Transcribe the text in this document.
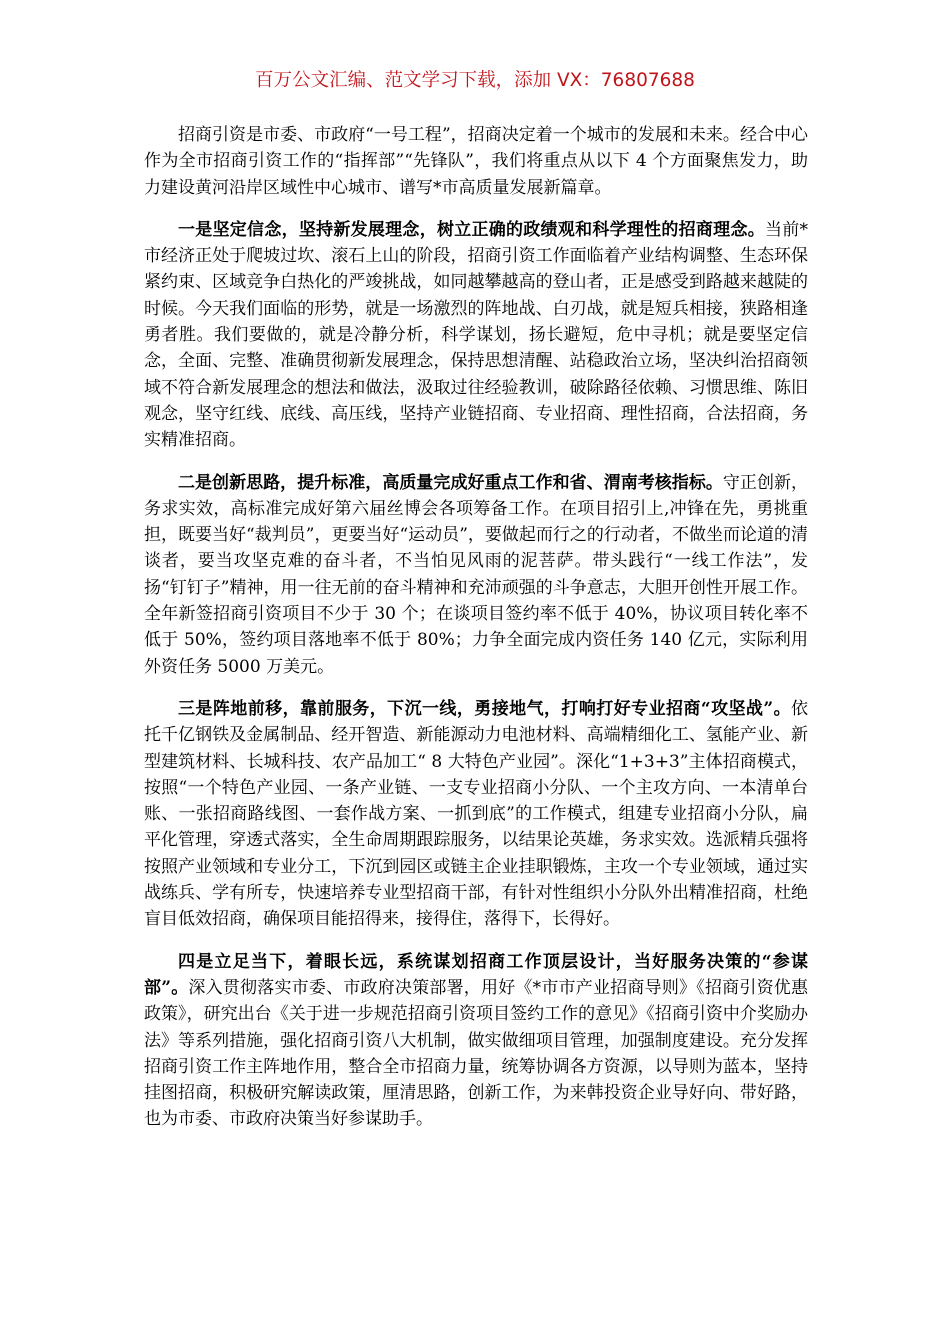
百万公文汇编、范文学习下载，添加 VX：76807688

招商引资是市委、市政府“一号工程”，招商决定着一个城市的发展和未来。经合中心作为全市招商引资工作的“指挥部”“先锋队”，我们将重点从以下 4 个方面聚焦发力，助力建设黄河沿岸区域性中心城市、谱写*市高质量发展新篇章。

一是坚定信念，坚持新发展理念，树立正确的政绩观和科学理性的招商理念。当前*市经济正处于爬坡过坎、滚石上山的阶段，招商引资工作面临着产业结构调整、生态环保紧约束、区域竞争白热化的严竣挑战，如同越攀越高的登山者，正是感受到路越来越陡的时候。今天我们面临的形势，就是一场激烈的阵地战、白刃战，就是短兵相接，狭路相逢勇者胜。我们要做的，就是冷静分析，科学谋划，扬长避短，危中寻机；就是要坚定信念，全面、完整、准确贯彻新发展理念，保持思想清醒、站稳政治立场，坚决纠治招商领域不符合新发展理念的想法和做法，汲取过往经验教训，破除路径依赖、习惯思维、陈旧观念，坚守红线、底线、高压线，坚持产业链招商、专业招商、理性招商，合法招商，务实精准招商。

二是创新思路，提升标准，高质量完成好重点工作和省、渭南考核指标。守正创新，务求实效，高标准完成好第六届丝博会各项筹备工作。在项目招引上,冲锋在先，勇挑重担，既要当好“裁判员”，更要当好“运动员”，要做起而行之的行动者，不做坐而论道的清谈者，要当攻坚克难的奋斗者，不当怕见风雨的泥菩萨。带头践行“一线工作法”，发扬“钉钉子”精神，用一往无前的奋斗精神和充沛顽强的斗争意志，大胆开创性开展工作。全年新签招商引资项目不少于 30 个；在谈项目签约率不低于 40%，协议项目转化率不低于 50%，签约项目落地率不低于 80%；力争全面完成内资任务 140 亿元，实际利用外资任务 5000 万美元。

三是阵地前移，靠前服务，下沉一线，勇接地气，打响打好专业招商“攻坚战”。依托千亿钢铁及金属制品、经开智造、新能源动力电池材料、高端精细化工、氢能产业、新型建筑材料、长城科技、农产品加工“ 8 大特色产业园”。深化“1+3+3”主体招商模式，按照“一个特色产业园、一条产业链、一支专业招商小分队、一个主攻方向、一本清单台账、一张招商路线图、一套作战方案、一抓到底”的工作模式，组建专业招商小分队，扁平化管理，穿透式落实，全生命周期跟踪服务，以结果论英雄，务求实效。选派精兵强将按照产业领域和专业分工，下沉到园区或链主企业挂职锻炼，主攻一个专业领域，通过实战练兵、学有所专，快速培养专业型招商干部，有针对性组织小分队外出精准招商，杜绝盲目低效招商，确保项目能招得来，接得住，落得下，长得好。

四是立足当下，着眼长远，系统谋划招商工作顶层设计，当好服务决策的“参谋部”。深入贯彻落实市委、市政府决策部署，用好《*市市产业招商导则》《招商引资优惠政策》，研究出台《关于进一步规范招商引资项目签约工作的意见》《招商引资中介奖励办法》等系列措施，强化招商引资八大机制，做实做细项目管理，加强制度建设。充分发挥招商引资工作主阵地作用，整合全市招商力量，统筹协调各方资源，以导则为蓝本，坚持挂图招商，积极研究解读政策，厘清思路，创新工作，为来韩投资企业导好向、带好路，也为市委、市政府决策当好参谋助手。
